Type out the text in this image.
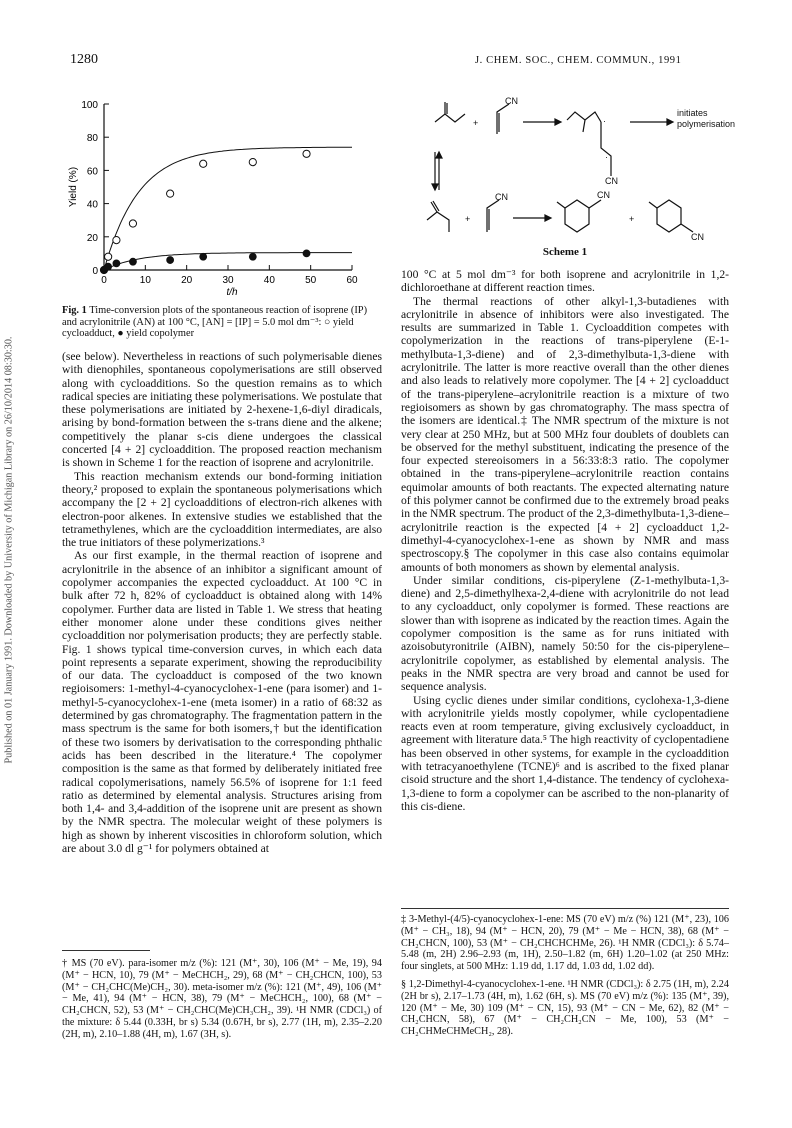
Published on 01 January 1991. Downloaded by University of Michigan Library on 26/10/2014 08:30:30.
1280	J. CHEM. SOC., CHEM. COMMUN., 1991
0
20
40
60
80
100
0	10	20	30	40	50	60
t/h
Yield (%)
Fig. 1 Time-conversion plots of the spontaneous reaction of isoprene (IP) and acrylonitrile (AN) at 100 °C, [AN] = [IP] = 5.0 mol dm⁻³: ○ yield cycloadduct, ● yield copolymer
+
CN
·
·
CN
initiates
polymerisation
+
CN	CN
+
CN
Scheme 1

(see below). Nevertheless in reactions of such polymerisable dienes with dienophiles, spontaneous copolymerisations are still observed along with cycloadditions. So the question remains as to which radical species are initiating these polymerisations. We postulate that these polymerisations are initiated by 2-hexene-1,6-diyl diradicals, arising by bond-formation between the s-trans diene and the alkene; competitively the planar s-cis diene undergoes the classical concerted [4 + 2] cycloaddition. The proposed reaction mechanism is shown in Scheme 1 for the reaction of isoprene and acrylonitrile.

This reaction mechanism extends our bond-forming initiation theory,² proposed to explain the spontaneous polymerisations which accompany the [2 + 2] cycloadditions of electron-rich alkenes with electron-poor alkenes. In extensive studies we established that the tetramethylenes, which are the cycloaddition intermediates, are also the true initiators of these polymerizations.³

As our first example, in the thermal reaction of isoprene and acrylonitrile in the absence of an inhibitor a significant amount of copolymer accompanies the expected cycloadduct. At 100 °C in bulk after 72 h, 82% of cycloadduct is obtained along with 14% copolymer. Further data are listed in Table 1. We stress that heating either monomer alone under these conditions gives neither cycloaddition nor polymerisation products; they are perfectly stable. Fig. 1 shows typical time-conversion curves, in which each data point represents a separate experiment, showing the reproducibility of our data. The cycloadduct is composed of the two known regioisomers: 1-methyl-4-cyanocyclohex-1-ene (para isomer) and 1-methyl-5-cyanocyclohex-1-ene (meta isomer) in a ratio of 68:32 as determined by gas chromatography. The fragmentation pattern in the mass spectrum is the same for both isomers,† but the identification of these two isomers by derivatisation to the corresponding phthalic acids has been described in the literature.⁴ The copolymer composition is the same as that formed by deliberately initiated free radical copolymerisations, namely 56.5% of isoprene for 1:1 feed ratio as determined by elemental analysis. Structures arising from both 1,4- and 3,4-addition of the isoprene unit are present as shown by the NMR spectra. The molecular weight of these polymers is high as shown by inherent viscosities in chloroform solution, which are about 3.0 dl g⁻¹ for polymers obtained at

100 °C at 5 mol dm⁻³ for both isoprene and acrylonitrile in 1,2-dichloroethane at different reaction times.

The thermal reactions of other alkyl-1,3-butadienes with acrylonitrile in absence of inhibitors were also investigated. The results are summarized in Table 1. Cycloaddition competes with copolymerization in the reactions of trans-piperylene (E-1-methylbuta-1,3-diene) and of 2,3-dimethylbuta-1,3-diene with acrylonitrile. The latter is more reactive overall than the other dienes and also leads to relatively more copolymer. The [4 + 2] cycloadduct of the trans-piperylene–acrylonitrile reaction is a mixture of two regioisomers as shown by gas chromatography. The mass spectra of the isomers are identical.‡ The NMR spectrum of the mixture is not very clear at 250 MHz, but at 500 MHz four doublets of doublets can be observed for the methyl substituent, indicating the presence of the four expected stereoisomers in a 56:33:8:3 ratio. The copolymer obtained in the trans-piperylene–acrylonitrile reaction contains equimolar amounts of both reactants. The expected alternating nature of this polymer cannot be confirmed due to the extremely broad peaks in the NMR spectrum. The product of the 2,3-dimethylbuta-1,3-diene–acrylonitrile reaction is the expected [4 + 2] cycloadduct 1,2-dimethyl-4-cyanocyclohex-1-ene as shown by NMR and mass spectroscopy.§ The copolymer in this case also contains equimolar amounts of both monomers as shown by elemental analysis.

Under similar conditions, cis-piperylene (Z-1-methylbuta-1,3-diene) and 2,5-dimethylhexa-2,4-diene with acrylonitrile do not lead to any cycloadduct, only copolymer is formed. These reactions are slower than with isoprene as indicated by the reaction times. Again the copolymer composition is the same as for runs initiated with azoisobutyronitrile (AIBN), namely 50:50 for the cis-piperylene–acrylonitrile copolymer, as established by elemental analysis. The peaks in the NMR spectra are very broad and cannot be used for sequence analysis.

Using cyclic dienes under similar conditions, cyclohexa-1,3-diene with acrylonitrile yields mostly copolymer, while cyclopentadiene reacts even at room temperature, giving exclusively cycloadduct, in agreement with literature data.⁵ The high reactivity of cyclopentadiene has been observed in other systems, for example in the cycloaddition with tetracyanoethylene (TCNE)⁶ and is ascribed to the fixed planar cisoid structure and the short 1,4-distance. The tendency of cyclohexa-1,3-diene to form a copolymer can be ascribed to the non-planarity of this cis-diene.

† MS (70 eV). para-isomer m/z (%): 121 (M⁺, 30), 106 (M⁺ − Me, 19), 94 (M⁺ − HCN, 10), 79 (M⁺ − MeCHCH₂, 29), 68 (M⁺ − CH₂CHCN, 100), 53 (M⁺ − CH₂CHC(Me)CH₂, 30). meta-isomer m/z (%): 121 (M⁺, 49), 106 (M⁺ − Me, 41), 94 (M⁺ − HCN, 38), 79 (M⁺ − MeCHCH₂, 100), 68 (M⁺ − CH₂CHCN, 52), 53 (M⁺ − CH₂CHC(Me)CH₃CH₂, 39). ¹H NMR (CDCl₃) of the mixture: δ 5.44 (0.33H, br s) 5.34 (0.67H, br s), 2.77 (1H, m), 2.35–2.20 (2H, m), 2.10–1.88 (4H, m), 1.67 (3H, s).

‡ 3-Methyl-(4/5)-cyanocyclohex-1-ene: MS (70 eV) m/z (%) 121 (M⁺, 23), 106 (M⁺ − CH₃, 18), 94 (M⁺ − HCN, 20), 79 (M⁺ − Me − HCN, 38), 68 (M⁺ − CH₂CHCN, 100), 53 (M⁺ − CH₂CHCHCHMe, 26). ¹H NMR (CDCl₃): δ 5.74–5.48 (m, 2H) 2.96–2.93 (m, 1H), 2.50–1.82 (m, 6H) 1.20–1.02 (at 250 MHz: four singlets, at 500 MHz: 1.19 dd, 1.17 dd, 1.03 dd, 1.02 dd).

§ 1,2-Dimethyl-4-cyanocyclohex-1-ene. ¹H NMR (CDCl₃): δ 2.75 (1H, m), 2.24 (2H br s), 2.17–1.73 (4H, m), 1.62 (6H, s). MS (70 eV) m/z (%): 135 (M⁺, 39), 120 (M⁺ − Me, 30) 109 (M⁺ − CN, 15), 93 (M⁺ − CN − Me, 62), 82 (M⁺ − CH₂CHCN, 58), 67 (M⁺ − CH₂CH₂CN − Me, 100), 53 (M⁺ − CH₂CHMeCHMeCH₂, 28).
